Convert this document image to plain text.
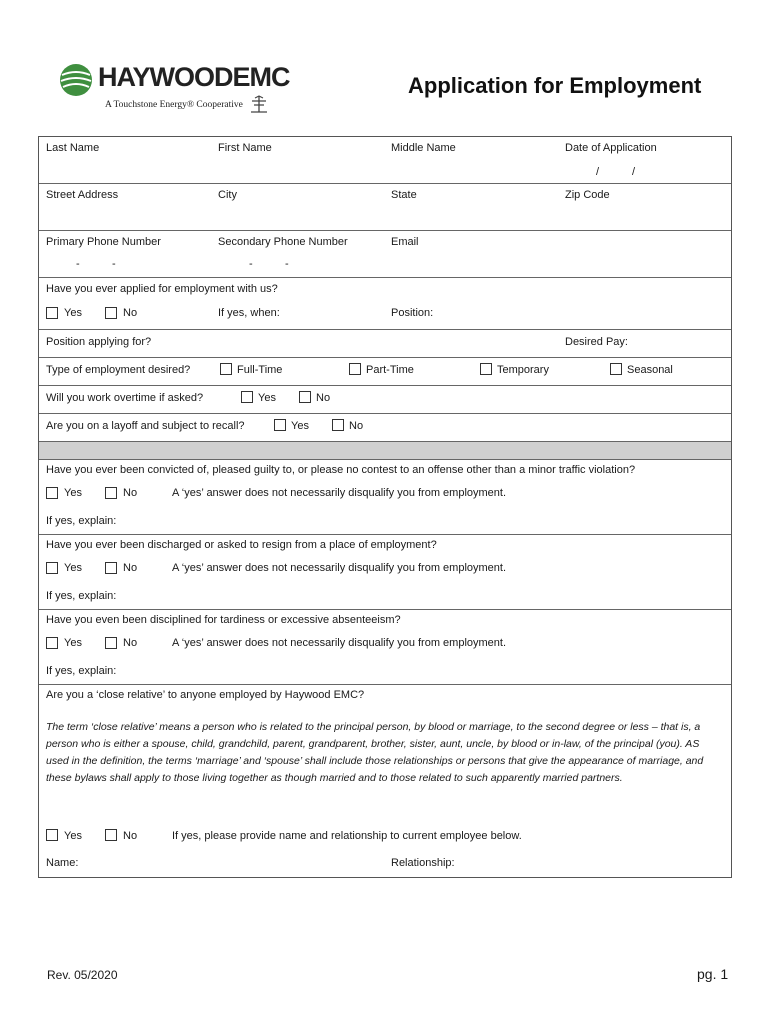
HAYWOODEMC
A Touchstone Energy® Cooperative
Application for Employment
Last Name	First Name	Middle Name	Date of Application
/	/
Street Address	City	State	Zip Code
Primary Phone Number	Secondary Phone Number	Email
-	-	-	-
Have you ever applied for employment with us?
Yes	No	If yes, when:	Position:
Position applying for?	Desired Pay:
Type of employment desired?	Full-Time	Part-Time	Temporary	Seasonal
Will you work overtime if asked?	Yes	No
Are you on a layoff and subject to recall?	Yes	No
Have you ever been convicted of, pleased guilty to, or please no contest to an offense other than a minor traffic violation?
Yes	No	A ‘yes’ answer does not necessarily disqualify you from employment.
If yes, explain:
Have you ever been discharged or asked to resign from a place of employment?
Yes	No	A ‘yes’ answer does not necessarily disqualify you from employment.
If yes, explain:
Have you even been disciplined for tardiness or excessive absenteeism?
Yes	No	A ‘yes’ answer does not necessarily disqualify you from employment.
If yes, explain:
Are you a ‘close relative’ to anyone employed by Haywood EMC?
The term ‘close relative’ means a person who is related to the principal person, by blood or marriage, to the second degree or less – that is, a person who is either a spouse, child, grandchild, parent, grandparent, brother, sister, aunt, uncle, by blood or in-law, of the principal (you). AS used in the definition, the terms ‘marriage’ and ‘spouse’ shall include those relationships or persons that give the appearance of marriage, and these bylaws shall apply to those living together as though married and to those related to such apparently married partners.
Yes	No	If yes, please provide name and relationship to current employee below.
Name:	Relationship:
Rev. 05/2020	pg. 1
